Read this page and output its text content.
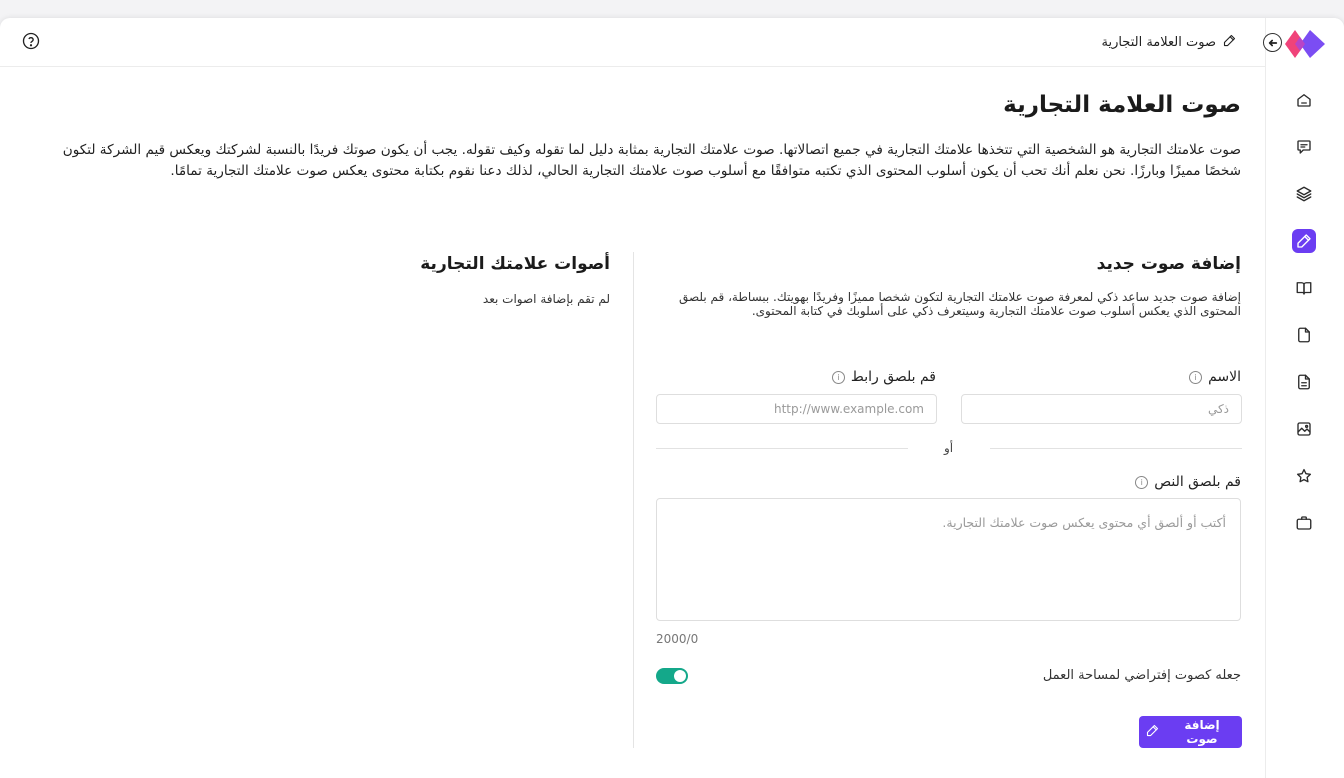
صوت العلامة التجارية
صوت العلامة التجارية

صوت علامتك التجارية هو الشخصية التي تتخذها علامتك التجارية في جميع اتصالاتها. صوت علامتك التجارية بمثابة دليل لما تقوله وكيف تقوله. يجب أن يكون صوتك فريدًا بالنسبة لشركتك ويعكس قيم الشركة لتكون شخصًا مميزًا وبارزًا. نحن نعلم أنك تحب أن يكون أسلوب المحتوى الذي تكتبه متوافقًا مع أسلوب صوت علامتك التجارية الحالي، لذلك دعنا نقوم بكتابة محتوى يعكس صوت علامتك التجارية تمامًا.

إضافة صوت جديد

إضافة صوت جديد ساعد ذكي لمعرفة صوت علامتك التجارية لتكون شخصا مميزًا وفريدًا بهويتك. ببساطة، قم بلصق المحتوى الذي يعكس أسلوب صوت علامتك التجارية وسيتعرف ذكي على أسلوبك في كتابة المحتوى.

الاسم
i
ذكي
قم بلصق رابط
i
http://www.example.com
أو
قم بلصق النص
i
أكتب أو ألصق أي محتوى يعكس صوت علامتك التجارية.
2000/0
جعله كصوت إفتراضي لمساحة العمل
إضافة صوت
أصوات علامتك التجارية
لم تقم بإضافة اصوات بعد
